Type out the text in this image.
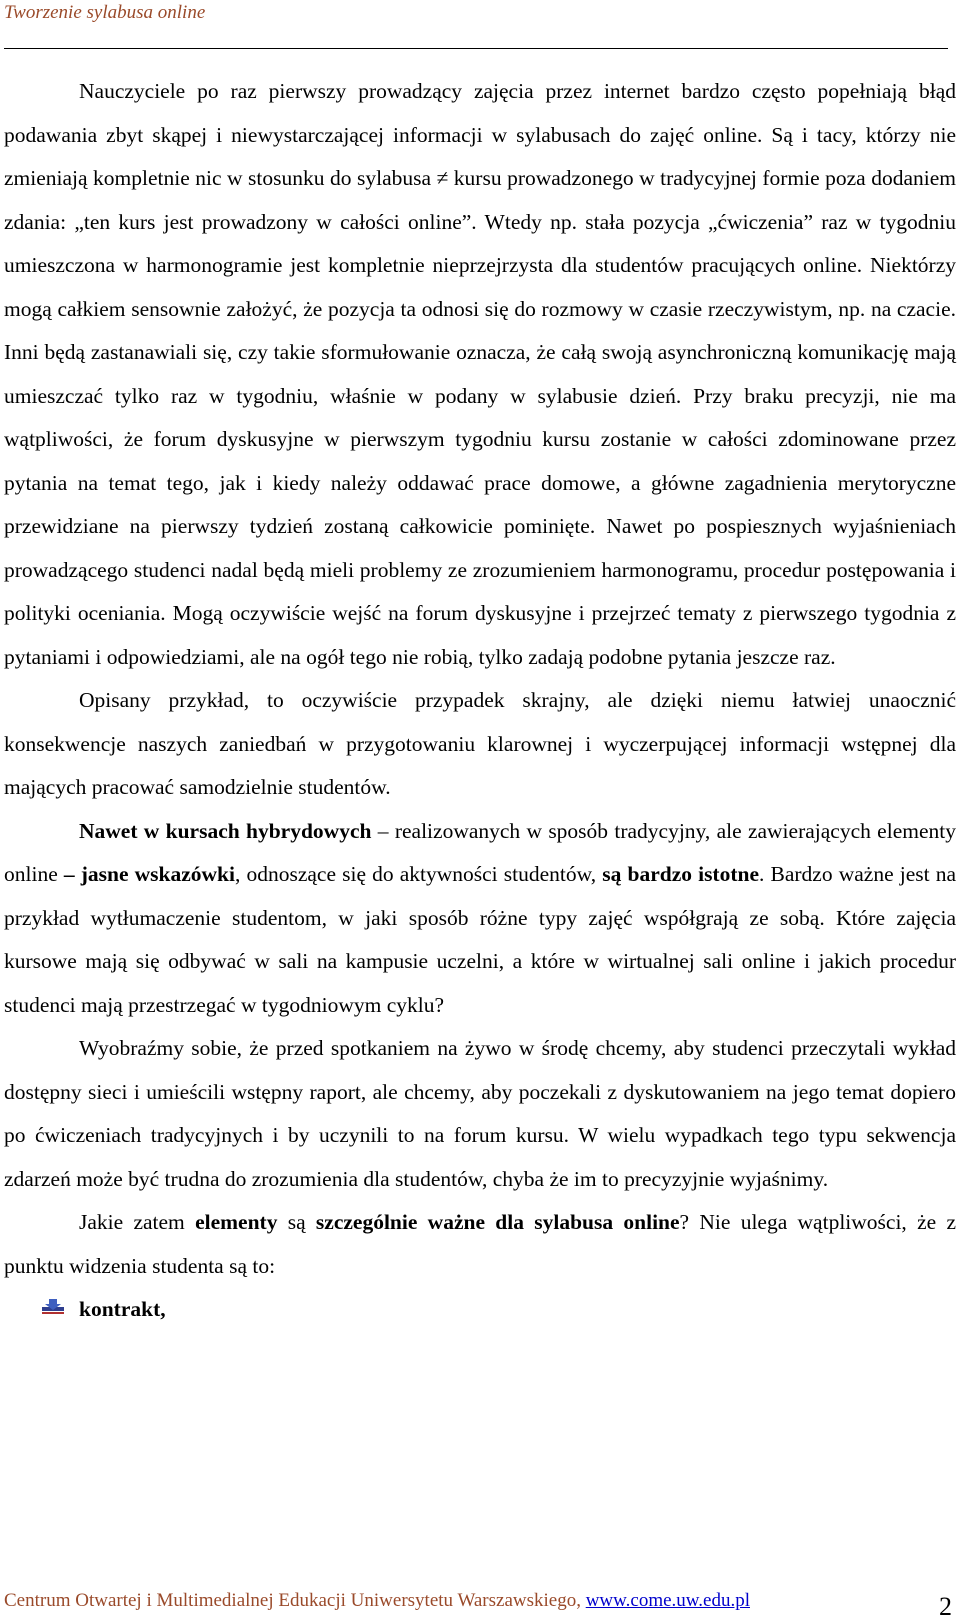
Tworzenie sylabusa online

Nauczyciele po raz pierwszy prowadzący zajęcia przez internet bardzo często popełniają błąd podawania zbyt skąpej i niewystarczającej informacji w sylabusach do zajęć online. Są i tacy, którzy nie zmieniają kompletnie nic w stosunku do sylabusa ≠ kursu prowadzonego w tradycyjnej formie poza dodaniem zdania: „ten kurs jest prowadzony w całości online”. Wtedy np. stała pozycja „ćwiczenia” raz w tygodniu umieszczona w harmonogramie jest kompletnie nieprzejrzysta dla studentów pracujących online. Niektórzy mogą całkiem sensownie założyć, że pozycja ta odnosi się do rozmowy w czasie rzeczywistym, np. na czacie. Inni będą zastanawiali się, czy takie sformułowanie oznacza, że całą swoją asynchroniczną komunikację mają umieszczać tylko raz w tygodniu, właśnie w podany w sylabusie dzień. Przy braku precyzji, nie ma wątpliwości, że forum dyskusyjne w pierwszym tygodniu kursu zostanie w całości zdominowane przez pytania na temat tego, jak i kiedy należy oddawać prace domowe, a główne zagadnienia merytoryczne przewidziane na pierwszy tydzień zostaną całkowicie pominięte. Nawet po pospiesznych wyjaśnieniach prowadzącego studenci nadal będą mieli problemy ze zrozumieniem harmonogramu, procedur postępowania i polityki oceniania. Mogą oczywiście wejść na forum dyskusyjne i przejrzeć tematy z pierwszego tygodnia z pytaniami i odpowiedziami, ale na ogół tego nie robią, tylko zadają podobne pytania jeszcze raz.

Opisany przykład, to oczywiście przypadek skrajny, ale dzięki niemu łatwiej unaocznić konsekwencje naszych zaniedbań w przygotowaniu klarownej i wyczerpującej informacji wstępnej dla mających pracować samodzielnie studentów.

Nawet w kursach hybrydowych – realizowanych w sposób tradycyjny, ale zawierających elementy online – jasne wskazówki, odnoszące się do aktywności studentów, są bardzo istotne. Bardzo ważne jest na przykład wytłumaczenie studentom, w jaki sposób różne typy zajęć współgrają ze sobą. Które zajęcia kursowe mają się odbywać w sali na kampusie uczelni, a które w wirtualnej sali online i jakich procedur studenci mają przestrzegać w tygodniowym cyklu?

Wyobraźmy sobie, że przed spotkaniem na żywo w środę chcemy, aby studenci przeczytali wykład dostępny sieci i umieścili wstępny raport, ale chcemy, aby poczekali z dyskutowaniem na jego temat dopiero po ćwiczeniach tradycyjnych i by uczynili to na forum kursu. W wielu wypadkach tego typu sekwencja zdarzeń może być trudna do zrozumienia dla studentów, chyba że im to precyzyjnie wyjaśnimy.

Jakie zatem elementy są szczególnie ważne dla sylabusa online? Nie ulega wątpliwości, że z punktu widzenia studenta są to:

kontrakt,
Centrum Otwartej i Multimedialnej Edukacji Uniwersytetu Warszawskiego, www.come.uw.edu.pl	2
